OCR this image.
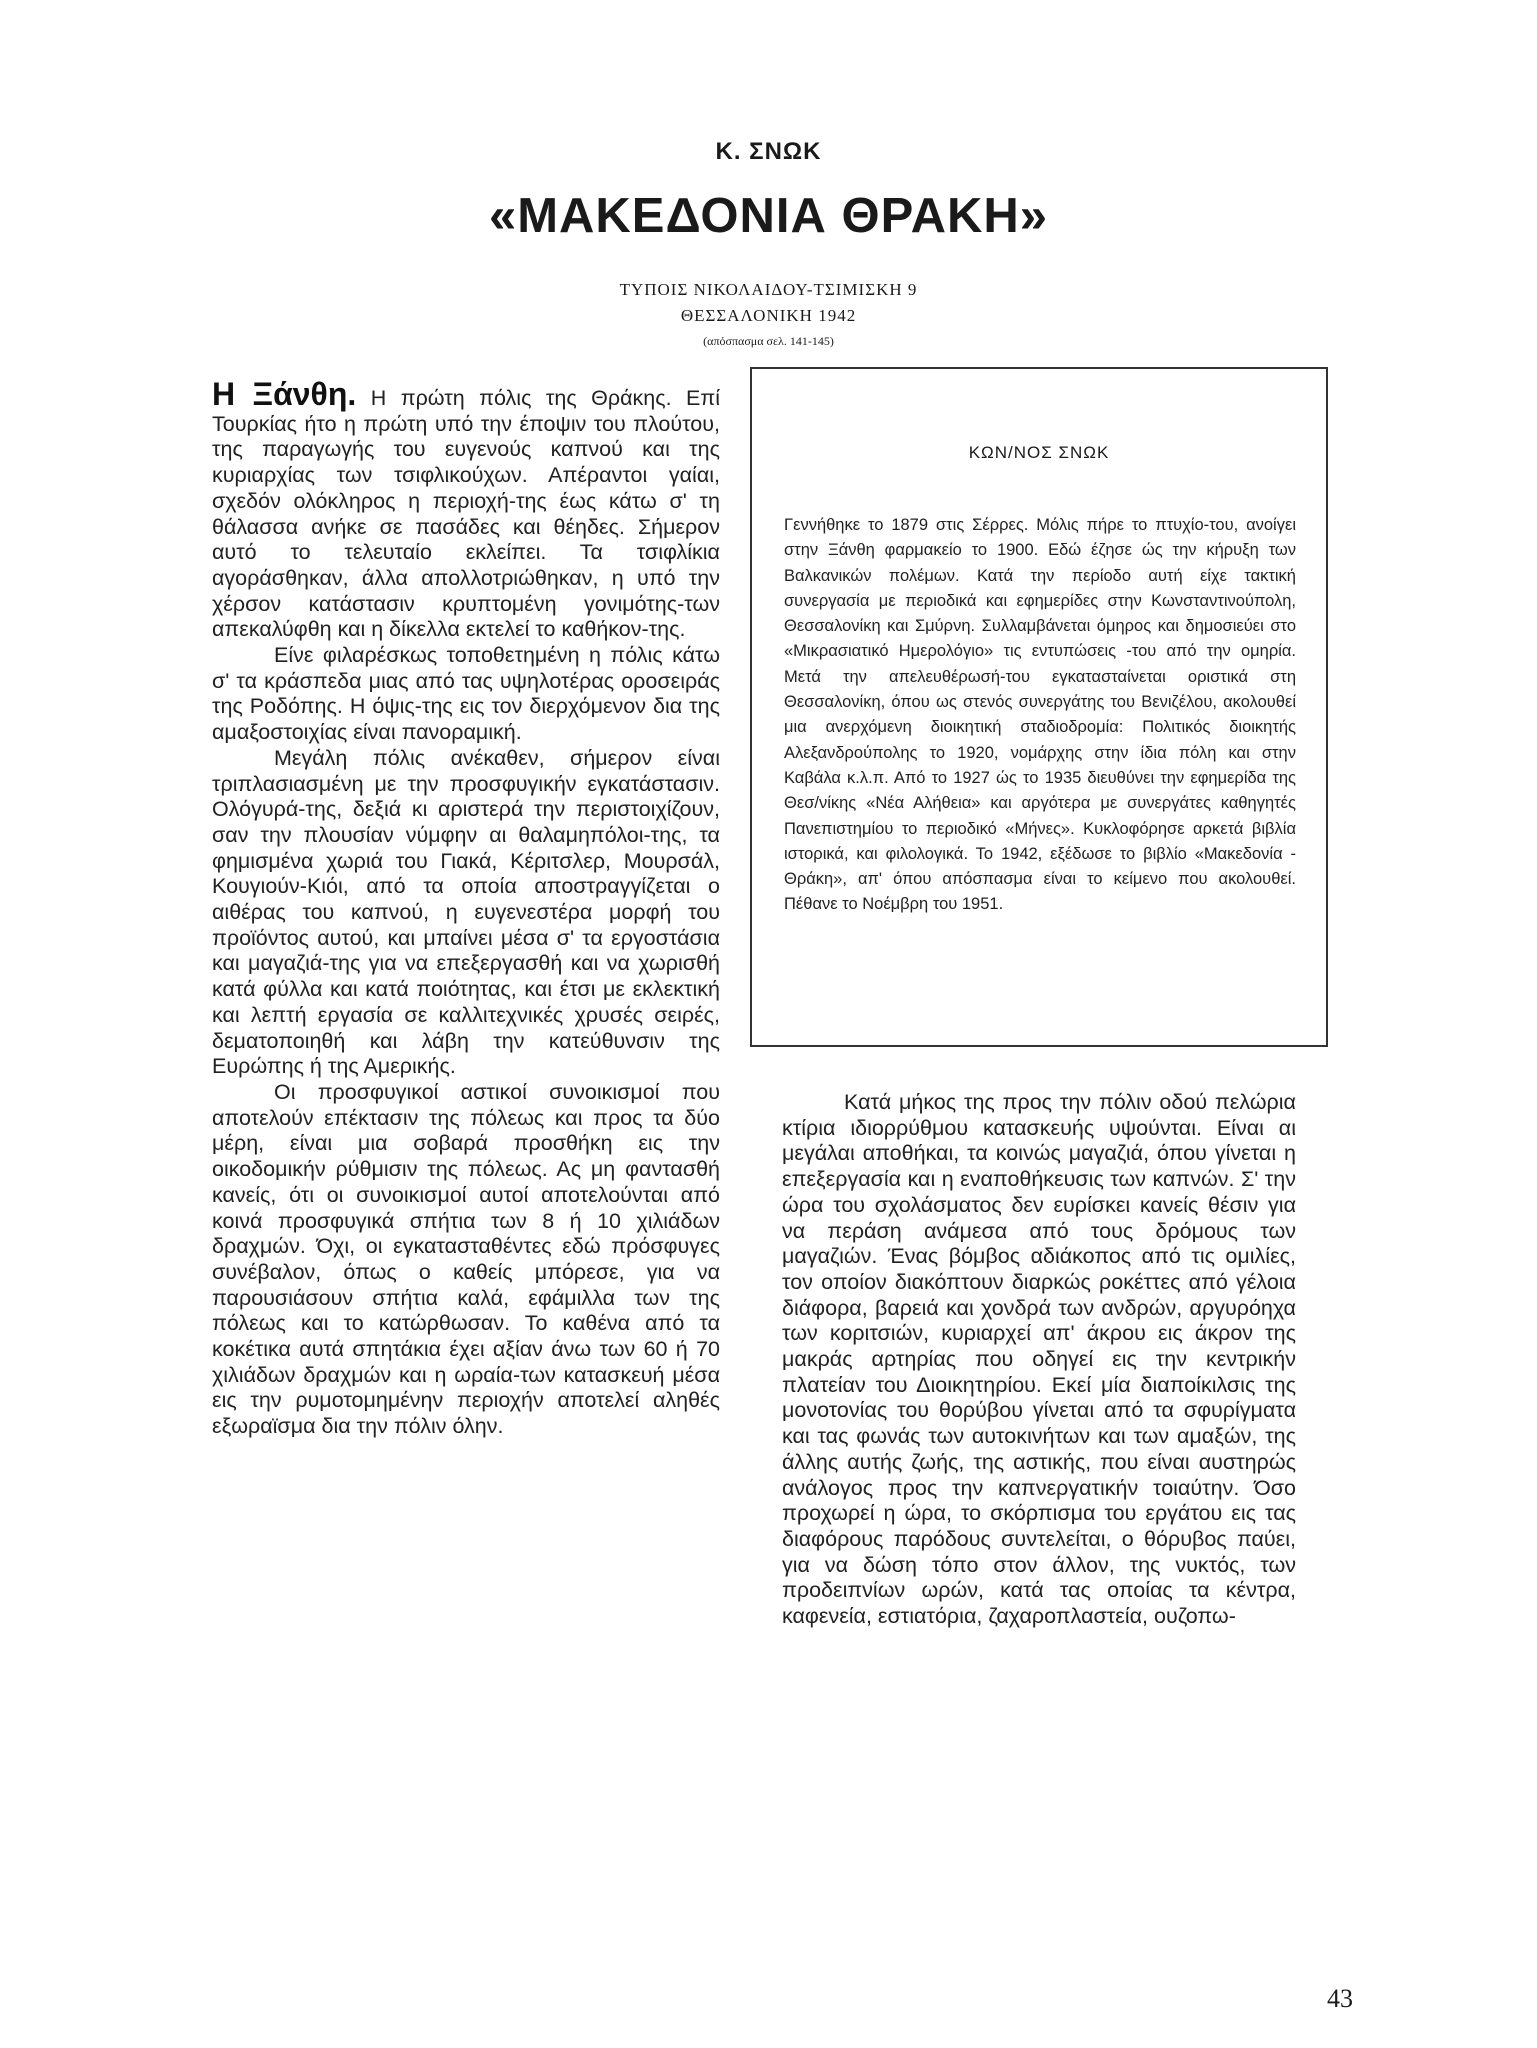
Κ. ΣΝΩΚ
«ΜΑΚΕΔΟΝΙΑ ΘΡΑΚΗ»
ΤΥΠΟΙΣ ΝΙΚΟΛΑΙΔΟΥ-ΤΣΙΜΙΣΚΗ 9
ΘΕΣΣΑΛΟΝΙΚΗ 1942
(απόσπασμα σελ. 141-145)

Η Ξάνθη. Η πρώτη πόλις της Θράκης. Επί Τουρκίας ήτο η πρώτη υπό την έποψιν του πλούτου, της παραγωγής του ευγενούς καπνού και της κυριαρχίας των τσιφλικούχων. Απέραντοι γαίαι, σχεδόν ολόκληρος η περιοχή-της έως κάτω σ' τη θάλασσα ανήκε σε πασάδες και θέηδες. Σήμερον αυτό το τελευταίο εκλείπει. Τα τσιφλίκια αγοράσθηκαν, άλλα απολλοτριώθηκαν, η υπό την χέρσον κατάστασιν κρυπτομένη γονιμότης-των απεκαλύφθη και η δίκελλα εκτελεί το καθήκον-της.

Είνε φιλαρέσκως τοποθετημένη η πόλις κάτω σ' τα κράσπεδα μιας από τας υψηλοτέρας οροσειράς της Ροδόπης. Η όψις-της εις τον διερχόμενον δια της αμαξοστοιχίας είναι πανοραμική.

Μεγάλη πόλις ανέκαθεν, σήμερον είναι τριπλασιασμένη με την προσφυγικήν εγκατάστασιν. Ολόγυρά-της, δεξιά κι αριστερά την περιστοιχίζουν, σαν την πλουσίαν νύμφην αι θαλαμηπόλοι-της, τα φημισμένα χωριά του Γιακά, Κέριτσλερ, Μουρσάλ, Κουγιούν-Κιόι, από τα οποία αποστραγγίζεται ο αιθέρας του καπνού, η ευγενεστέρα μορφή του προϊόντος αυτού, και μπαίνει μέσα σ' τα εργοστάσια και μαγαζιά-της για να επεξεργασθή και να χωρισθή κατά φύλλα και κατά ποιότητας, και έτσι με εκλεκτική και λεπτή εργασία σε καλλιτεχνικές χρυσές σειρές, δεματοποιηθή και λάβη την κατεύθυνσιν της Ευρώπης ή της Αμερικής.

Οι προσφυγικοί αστικοί συνοικισμοί που αποτελούν επέκτασιν της πόλεως και προς τα δύο μέρη, είναι μια σοβαρά προσθήκη εις την οικοδομικήν ρύθμισιν της πόλεως. Ας μη φαντασθή κανείς, ότι οι συνοικισμοί αυτοί αποτελούνται από κοινά προσφυγικά σπήτια των 8 ή 10 χιλιάδων δραχμών. Όχι, οι εγκατασταθέντες εδώ πρόσφυγες συνέβαλον, όπως ο καθείς μπόρεσε, για να παρουσιάσουν σπήτια καλά, εφάμιλλα των της πόλεως και το κατώρθωσαν. Το καθένα από τα κοκέτικα αυτά σπητάκια έχει αξίαν άνω των 60 ή 70 χιλιάδων δραχμών και η ωραία-των κατασκευή μέσα εις την ρυμοτομημένην περιοχήν αποτελεί αληθές εξωραϊσμα δια την πόλιν όλην.

ΚΩΝ/ΝΟΣ ΣΝΩΚ
Γεννήθηκε το 1879 στις Σέρρες. Μόλις πήρε το πτυχίο-του, ανοίγει στην Ξάνθη φαρμακείο το 1900. Εδώ έζησε ώς την κήρυξη των Βαλκανικών πολέμων. Κατά την περίοδο αυτή είχε τακτική συνεργασία με περιοδικά και εφημερίδες στην Κωνσταντινούπολη, Θεσσαλονίκη και Σμύρνη. Συλλαμβάνεται όμηρος και δημοσιεύει στο «Μικρασιατικό Ημερολόγιο» τις εντυπώσεις -του από την ομηρία. Μετά την απελευθέρωσή-του εγκατασταίνεται οριστικά στη Θεσσαλονίκη, όπου ως στενός συνεργάτης του Βενιζέλου, ακολουθεί μια ανερχόμενη διοικητική σταδιοδρομία: Πολιτικός διοικητής Αλεξανδρούπολης το 1920, νομάρχης στην ίδια πόλη και στην Καβάλα κ.λ.π. Από το 1927 ώς το 1935 διευθύνει την εφημερίδα της Θεσ/νίκης «Νέα Αλήθεια» και αργότερα με συνεργάτες καθηγητές Πανεπιστημίου το περιοδικό «Μήνες». Κυκλοφόρησε αρκετά βιβλία ιστορικά, και φιλολογικά. Το 1942, εξέδωσε το βιβλίο «Μακεδονία - Θράκη», απ' όπου απόσπασμα είναι το κείμενο που ακολουθεί. Πέθανε το Νοέμβρη του 1951.

Κατά μήκος της προς την πόλιν οδού πελώρια κτίρια ιδιορρύθμου κατασκευής υψούνται. Είναι αι μεγάλαι αποθήκαι, τα κοινώς μαγαζιά, όπου γίνεται η επεξεργασία και η εναποθήκευσις των καπνών. Σ' την ώρα του σχολάσματος δεν ευρίσκει κανείς θέσιν για να περάση ανάμεσα από τους δρόμους των μαγαζιών. Ένας βόμβος αδιάκοπος από τις ομιλίες, τον οποίον διακόπτουν διαρκώς ροκέττες από γέλοια διάφορα, βαρειά και χονδρά των ανδρών, αργυρόηχα των κοριτσιών, κυριαρχεί απ' άκρου εις άκρον της μακράς αρτηρίας που οδηγεί εις την κεντρικήν πλατείαν του Διοικητηρίου. Εκεί μία διαποίκιλσις της μονοτονίας του θορύβου γίνεται από τα σφυρίγματα και τας φωνάς των αυτοκινήτων και των αμαξών, της άλλης αυτής ζωής, της αστικής, που είναι αυστηρώς ανάλογος προς την καπνεργατικήν τοιαύτην. Όσο προχωρεί η ώρα, το σκόρπισμα του εργάτου εις τας διαφόρους παρόδους συντελείται, ο θόρυβος παύει, για να δώση τόπο στον άλλον, της νυκτός, των προδειπνίων ωρών, κατά τας οποίας τα κέντρα, καφενεία, εστιατόρια, ζαχαροπλαστεία, ουζοπω-

43
